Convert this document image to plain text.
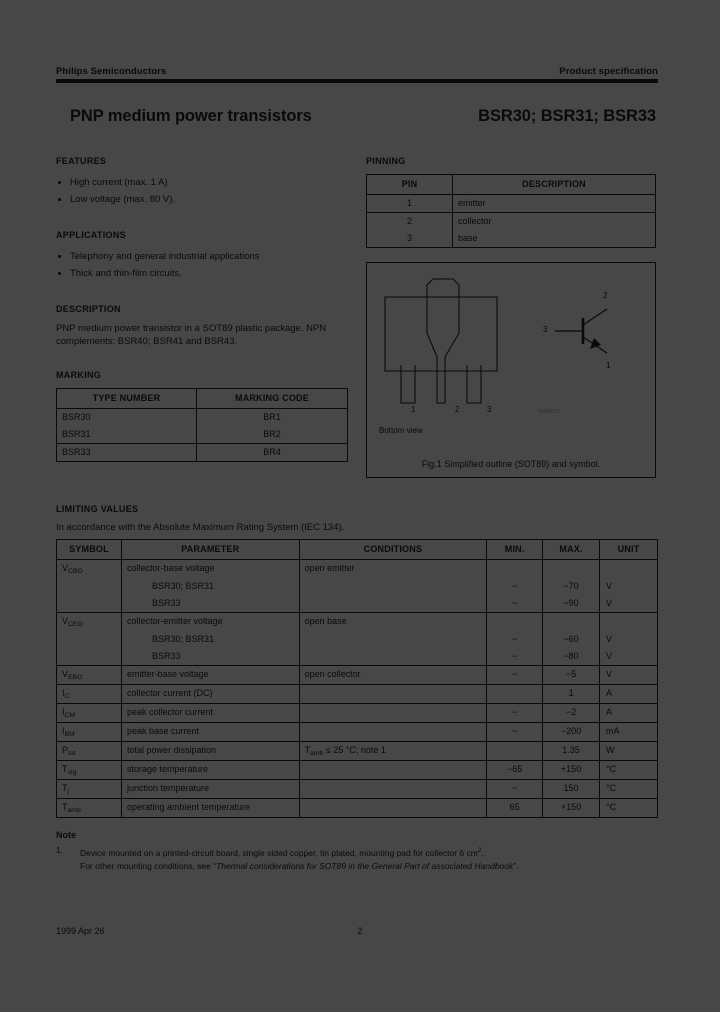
Philips Semiconductors	Product specification
PNP medium power transistors	BSR30; BSR31; BSR33
FEATURES
High current (max. 1 A)
Low voltage (max. 80 V).
APPLICATIONS
Telephony and general industrial applications
Thick and thin-film circuits.
DESCRIPTION

PNP medium power transistor in a SOT89 plastic package. NPN complements: BSR40; BSR41 and BSR43.

MARKING
TYPE NUMBER	MARKING CODE
BSR30	BR1
BSR31	BR2
BSR33	BR4
PINNING
PIN	DESCRIPTION
1	emitter
2	collector
3	base
1	2	3
Bottom view
2
3
1
MAM257
Fig.1 Simplified outline (SOT89) and symbol.
LIMITING VALUES
In accordance with the Absolute Maximum Rating System (IEC 134).
SYMBOL	PARAMETER	CONDITIONS	MIN.	MAX.	UNIT
$V_{CBO}$	collector-base voltage	open emitter			
	BSR30; BSR31		−	−70	V
	BSR33		−	−90	V
$V_{CEO}$	collector-emitter voltage	open base			
	BSR30; BSR31		−	−60	V
	BSR33		−	−80	V
$V_{EBO}$	emitter-base voltage	open collector	−	−5	V
$I_C$	collector current (DC)			1	A
$I_{CM}$	peak collector current		−	−2	A
$I_{BM}$	peak base current		−	−200	mA
$P_{tot}$	total power dissipation	$T_{amb} \le 25$ °C; note 1		1.35	W
$T_{stg}$	storage temperature		−65	+150	°C
$T_j$	junction temperature		−	150	°C
$T_{amb}$	operating ambient temperature		65	+150	°C
Note
1.	Device mounted on a printed-circuit board, single sided copper, tin plated, mounting pad for collector 6 $cm^2$.
For other mounting conditions, see “Thermal considerations for SOT89 in the General Part of associated Handbook”.
1999 Apr 26	2
